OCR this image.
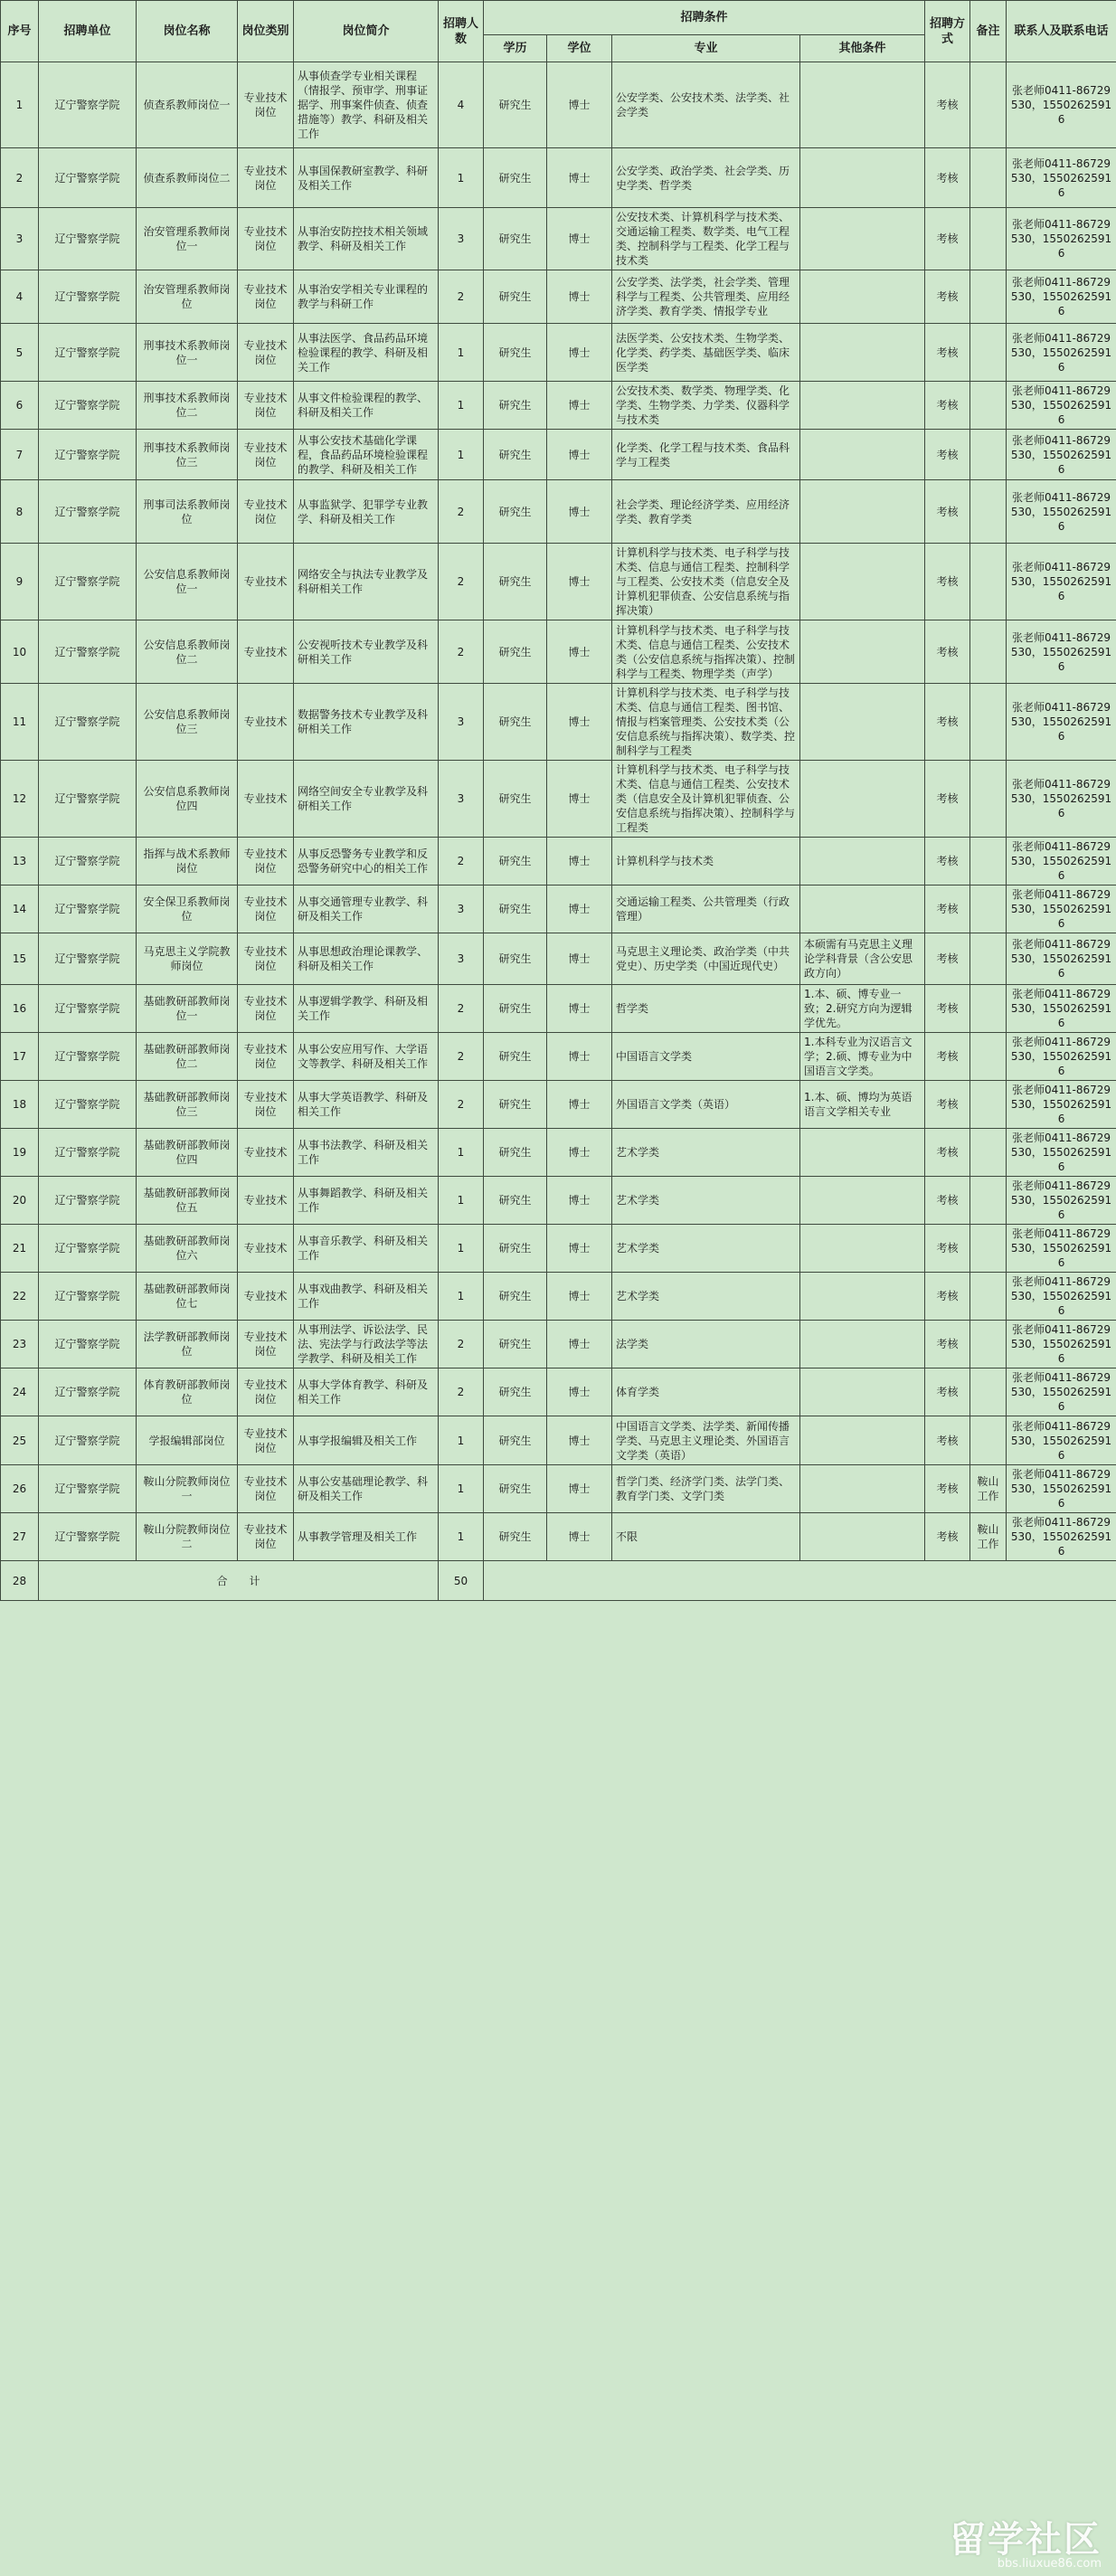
序号	招聘单位	岗位名称	岗位类别	岗位简介	招聘人数	招聘条件				招聘方式	备注	联系人及联系电话
						学历	学位	专业	其他条件			
1	辽宁警察学院	侦查系教师岗位一	专业技术岗位	从事侦查学专业相关课程（情报学、预审学、刑事证据学、刑事案件侦查、侦查措施等）教学、科研及相关工作	4	研究生	博士	公安学类、公安技术类、法学类、社会学类		考核		张老师0411-86729530，15502625916
2	辽宁警察学院	侦查系教师岗位二	专业技术岗位	从事国保教研室教学、科研及相关工作	1	研究生	博士	公安学类、政治学类、社会学类、历史学类、哲学类		考核		张老师0411-86729530，15502625916
3	辽宁警察学院	治安管理系教师岗位一	专业技术岗位	从事治安防控技术相关领域教学、科研及相关工作	3	研究生	博士	公安技术类、计算机科学与技术类、交通运输工程类、数学类、电气工程类、控制科学与工程类、化学工程与技术类		考核		张老师0411-86729530，15502625916
4	辽宁警察学院	治安管理系教师岗位	专业技术岗位	从事治安学相关专业课程的教学与科研工作	2	研究生	博士	公安学类、法学类，社会学类、管理科学与工程类、公共管理类、应用经济学类、教育学类、情报学专业		考核		张老师0411-86729530，15502625916
5	辽宁警察学院	刑事技术系教师岗位一	专业技术岗位	从事法医学、食品药品环境检验课程的教学、科研及相关工作	1	研究生	博士	法医学类、公安技术类、生物学类、化学类、药学类、基础医学类、临床医学类		考核		张老师0411-86729530，15502625916
6	辽宁警察学院	刑事技术系教师岗位二	专业技术岗位	从事文件检验课程的教学、科研及相关工作	1	研究生	博士	公安技术类、数学类、物理学类、化学类、生物学类、力学类、仪器科学与技术类		考核		张老师0411-86729530，15502625916
7	辽宁警察学院	刑事技术系教师岗位三	专业技术岗位	从事公安技术基础化学课程，食品药品环境检验课程的教学、科研及相关工作	1	研究生	博士	化学类、化学工程与技术类、食品科学与工程类		考核		张老师0411-86729530，15502625916
8	辽宁警察学院	刑事司法系教师岗位	专业技术岗位	从事监狱学、犯罪学专业教学、科研及相关工作	2	研究生	博士	社会学类、理论经济学类、应用经济学类、教育学类		考核		张老师0411-86729530，15502625916
9	辽宁警察学院	公安信息系教师岗位一	专业技术	网络安全与执法专业教学及科研相关工作	2	研究生	博士	计算机科学与技术类、电子科学与技术类、信息与通信工程类、控制科学与工程类、公安技术类（信息安全及计算机犯罪侦查、公安信息系统与指挥决策）		考核		张老师0411-86729530，15502625916
10	辽宁警察学院	公安信息系教师岗位二	专业技术	公安视听技术专业教学及科研相关工作	2	研究生	博士	计算机科学与技术类、电子科学与技术类、信息与通信工程类、公安技术类（公安信息系统与指挥决策）、控制科学与工程类、物理学类（声学）		考核		张老师0411-86729530，15502625916
11	辽宁警察学院	公安信息系教师岗位三	专业技术	数据警务技术专业教学及科研相关工作	3	研究生	博士	计算机科学与技术类、电子科学与技术类、信息与通信工程类、图书馆、情报与档案管理类、公安技术类（公安信息系统与指挥决策）、数学类、控制科学与工程类		考核		张老师0411-86729530，15502625916
12	辽宁警察学院	公安信息系教师岗位四	专业技术	网络空间安全专业教学及科研相关工作	3	研究生	博士	计算机科学与技术类、电子科学与技术类、信息与通信工程类、公安技术类（信息安全及计算机犯罪侦查、公安信息系统与指挥决策）、控制科学与工程类		考核		张老师0411-86729530，15502625916
13	辽宁警察学院	指挥与战术系教师岗位	专业技术岗位	从事反恐警务专业教学和反恐警务研究中心的相关工作	2	研究生	博士	计算机科学与技术类		考核		张老师0411-86729530，15502625916
14	辽宁警察学院	安全保卫系教师岗位	专业技术岗位	从事交通管理专业教学、科研及相关工作	3	研究生	博士	交通运输工程类、公共管理类（行政管理）		考核		张老师0411-86729530，15502625916
15	辽宁警察学院	马克思主义学院教师岗位	专业技术岗位	从事思想政治理论课教学、科研及相关工作	3	研究生	博士	马克思主义理论类、政治学类（中共党史）、历史学类（中国近现代史）	本硕需有马克思主义理论学科背景（含公安思政方向）	考核		张老师0411-86729530，15502625916
16	辽宁警察学院	基础教研部教师岗位一	专业技术岗位	从事逻辑学教学、科研及相关工作	2	研究生	博士	哲学类	1.本、硕、博专业一致；2.研究方向为逻辑学优先。	考核		张老师0411-86729530，15502625916
17	辽宁警察学院	基础教研部教师岗位二	专业技术岗位	从事公安应用写作、大学语文等教学、科研及相关工作	2	研究生	博士	中国语言文学类	1.本科专业为汉语言文学；2.硕、博专业为中国语言文学类。	考核		张老师0411-86729530，15502625916
18	辽宁警察学院	基础教研部教师岗位三	专业技术岗位	从事大学英语教学、科研及相关工作	2	研究生	博士	外国语言文学类（英语）	1.本、硕、博均为英语语言文学相关专业	考核		张老师0411-86729530，15502625916
19	辽宁警察学院	基础教研部教师岗位四	专业技术	从事书法教学、科研及相关工作	1	研究生	博士	艺术学类		考核		张老师0411-86729530，15502625916
20	辽宁警察学院	基础教研部教师岗位五	专业技术	从事舞蹈教学、科研及相关工作	1	研究生	博士	艺术学类		考核		张老师0411-86729530，15502625916
21	辽宁警察学院	基础教研部教师岗位六	专业技术	从事音乐教学、科研及相关工作	1	研究生	博士	艺术学类		考核		张老师0411-86729530，15502625916
22	辽宁警察学院	基础教研部教师岗位七	专业技术	从事戏曲教学、科研及相关工作	1	研究生	博士	艺术学类		考核		张老师0411-86729530，15502625916
23	辽宁警察学院	法学教研部教师岗位	专业技术岗位	从事刑法学、诉讼法学、民法、宪法学与行政法学等法学教学、科研及相关工作	2	研究生	博士	法学类		考核		张老师0411-86729530，15502625916
24	辽宁警察学院	体育教研部教师岗位	专业技术岗位	从事大学体育教学、科研及相关工作	2	研究生	博士	体育学类		考核		张老师0411-86729530，15502625916
25	辽宁警察学院	学报编辑部岗位	专业技术岗位	从事学报编辑及相关工作	1	研究生	博士	中国语言文学类、法学类、新闻传播学类、马克思主义理论类、外国语言文学类（英语）		考核		张老师0411-86729530，15502625916
26	辽宁警察学院	鞍山分院教师岗位一	专业技术岗位	从事公安基础理论教学、科研及相关工作	1	研究生	博士	哲学门类、经济学门类、法学门类、教育学门类、文学门类		考核	鞍山工作	张老师0411-86729530，15502625916
27	辽宁警察学院	鞍山分院教师岗位二	专业技术岗位	从事教学管理及相关工作	1	研究生	博士	不限		考核	鞍山工作	张老师0411-86729530，15502625916
28	合　　计				50							
留学社区
bbs.liuxue86.com
